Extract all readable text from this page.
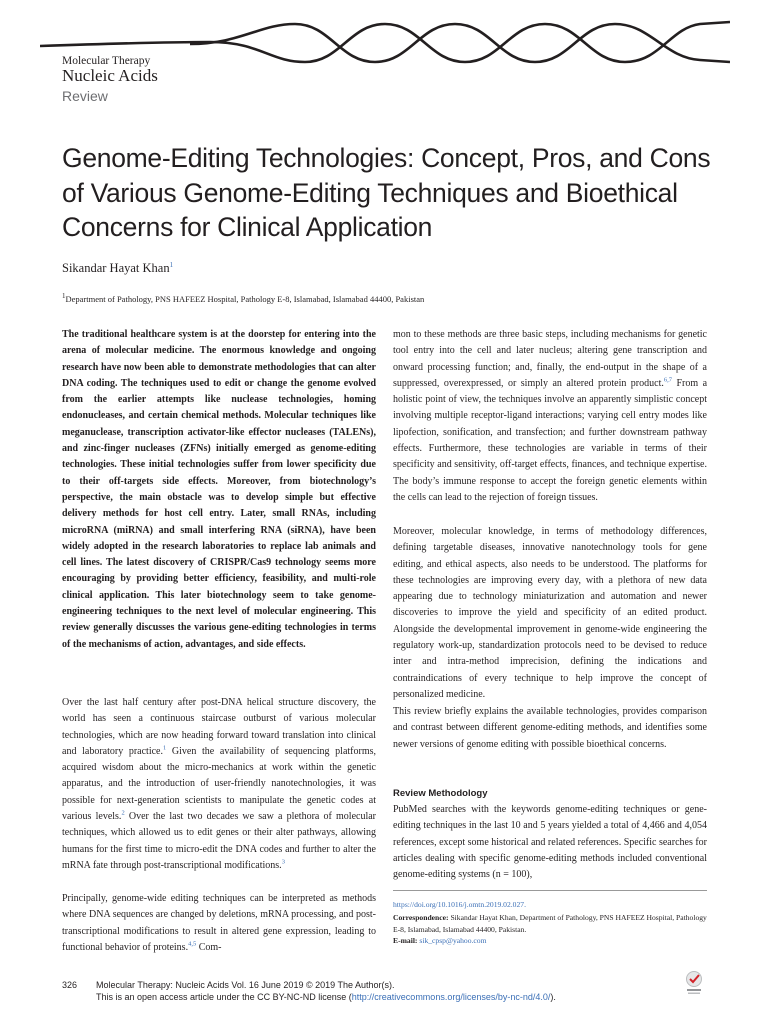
Molecular Therapy
Nucleic Acids
Review
Genome-Editing Technologies: Concept, Pros, and Cons of Various Genome-Editing Techniques and Bioethical Concerns for Clinical Application
Sikandar Hayat Khan$^1$
$^1$Department of Pathology, PNS HAFEEZ Hospital, Pathology E-8, Islamabad, Islamabad 44400, Pakistan
The traditional healthcare system is at the doorstep for entering into the arena of molecular medicine. The enormous knowledge and ongoing research have now been able to demonstrate methodologies that can alter DNA coding. The techniques used to edit or change the genome evolved from the earlier attempts like nuclease technologies, homing endonucleases, and certain chemical methods. Molecular techniques like meganuclease, transcription activator-like effector nucleases (TALENs), and zinc-finger nucleases (ZFNs) initially emerged as genome-editing technologies. These initial technologies suffer from lower specificity due to their off-targets side effects. Moreover, from biotechnology’s perspective, the main obstacle was to develop simple but effective delivery methods for host cell entry. Later, small RNAs, including microRNA (miRNA) and small interfering RNA (siRNA), have been widely adopted in the research laboratories to replace lab animals and cell lines. The latest discovery of CRISPR/Cas9 technology seems more encouraging by providing better efficiency, feasibility, and multi-role clinical application. This later biotechnology seem to take genome-engineering techniques to the next level of molecular engineering. This review generally discusses the various gene-editing technologies in terms of the mechanisms of action, advantages, and side effects.
Over the last half century after post-DNA helical structure discovery, the world has seen a continuous staircase outburst of various molecular technologies, which are now heading forward toward translation into clinical and laboratory practice.$^1$ Given the availability of sequencing platforms, acquired wisdom about the micro-mechanics at work within the genetic apparatus, and the introduction of user-friendly nanotechnologies, it was possible for next-generation scientists to manipulate the genetic codes at various levels.$^2$ Over the last two decades we saw a plethora of molecular techniques, which allowed us to edit genes or their alter pathways, allowing humans for the first time to micro-edit the DNA codes and further to alter the mRNA fate through post-transcriptional modifications.$^3$
Principally, genome-wide editing techniques can be interpreted as methods where DNA sequences are changed by deletions, mRNA processing, and post-transcriptional modifications to result in altered gene expression, leading to functional behavior of proteins.$^{4,5}$ Com-
mon to these methods are three basic steps, including mechanisms for genetic tool entry into the cell and later nucleus; altering gene transcription and onward processing function; and, finally, the end-output in the shape of a suppressed, overexpressed, or simply an altered protein product.$^{6,7}$ From a holistic point of view, the techniques involve an apparently simplistic concept involving multiple receptor-ligand interactions; varying cell entry modes like lipofection, sonification, and transfection; and further downstream pathway effects. Furthermore, these technologies are variable in terms of their specificity and sensitivity, off-target effects, finances, and technique expertise. The body’s immune response to accept the foreign genetic elements within the cells can lead to the rejection of foreign tissues.
Moreover, molecular knowledge, in terms of methodology differences, defining targetable diseases, innovative nanotechnology tools for gene editing, and ethical aspects, also needs to be understood. The platforms for these technologies are improving every day, with a plethora of new data appearing due to technology miniaturization and automation and newer discoveries to improve the yield and specificity of an edited product. Alongside the developmental improvement in genome-wide engineering the regulatory work-up, standardization protocols need to be devised to reduce inter and intra-method imprecision, defining the indications and contraindications of every technique to help improve the concept of personalized medicine.
This review briefly explains the available technologies, provides comparison and contrast between different genome-editing methods, and identifies some newer versions of genome editing with possible bioethical concerns.
Review Methodology
PubMed searches with the keywords genome-editing techniques or gene-editing techniques in the last 10 and 5 years yielded a total of 4,466 and 4,054 references, except some historical and related references. Specific searches for articles dealing with specific genome-editing methods included conventional genome-editing systems (n = 100),
https://doi.org/10.1016/j.omtn.2019.02.027.
Correspondence: Sikandar Hayat Khan, Department of Pathology, PNS HAFEEZ Hospital, Pathology E-8, Islamabad, Islamabad 44400, Pakistan.
E-mail: sik_cpsp@yahoo.com
326 Molecular Therapy: Nucleic Acids Vol. 16 June 2019 © 2019 The Author(s).
This is an open access article under the CC BY-NC-ND license (http://creativecommons.org/licenses/by-nc-nd/4.0/).
